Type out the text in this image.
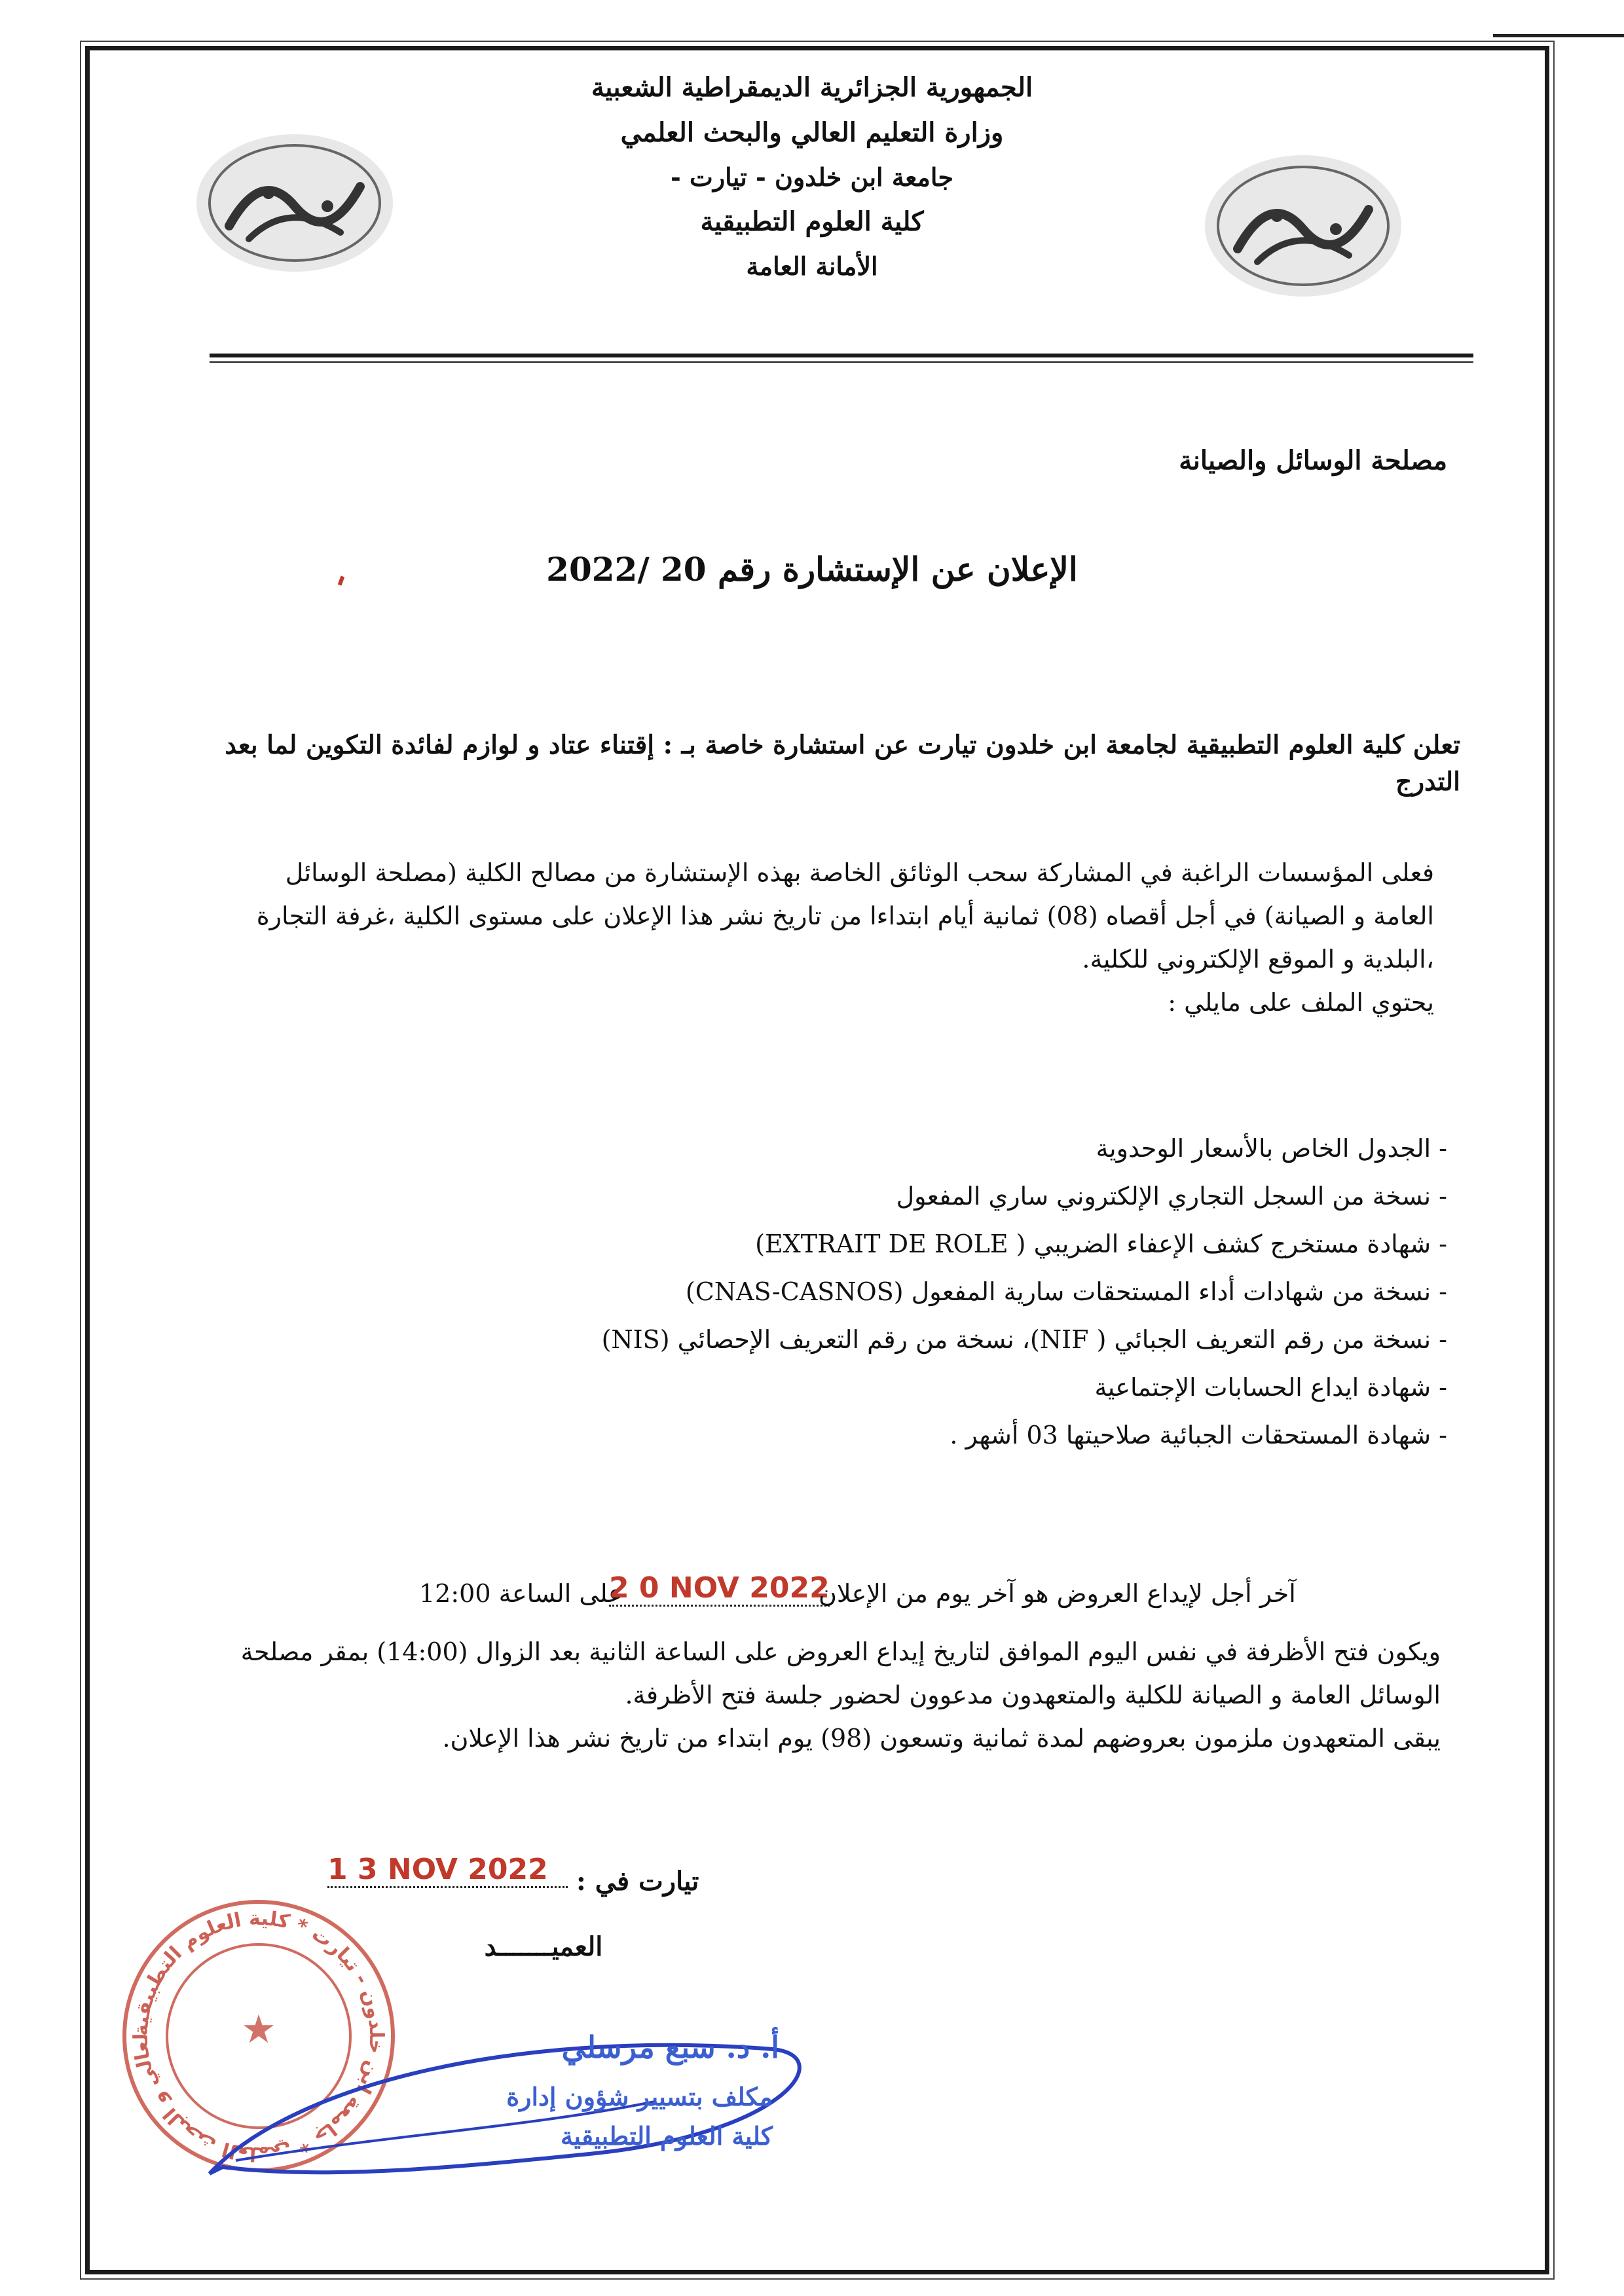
الجمهورية الجزائرية الديمقراطية الشعبية
وزارة التعليم العالي والبحث العلمي
جامعة ابن خلدون - تيارت -
كلية العلوم التطبيقية
الأمانة العامة
مصلحة الوسائل والصيانة
الإعلان عن الإستشارة رقم 20 /2022
تعلن كلية العلوم التطبيقية لجامعة ابن خلدون تيارت عن استشارة خاصة بـ : إقتناء عتاد و لوازم لفائدة التكوين لما بعد التدرج
فعلى المؤسسات الراغبة في المشاركة سحب الوثائق الخاصة بهذه الإستشارة من مصالح الكلية (مصلحة الوسائل
العامة و الصيانة) في أجل أقصاه (08) ثمانية أيام ابتداءا من تاريخ نشر هذا الإعلان على مستوى الكلية ،غرفة التجارة
،البلدية و الموقع الإلكتروني للكلية.
يحتوي الملف على مايلي :
- الجدول الخاص بالأسعار الوحدوية
- نسخة من السجل التجاري الإلكتروني ساري المفعول
- شهادة مستخرج كشف الإعفاء الضريبي ( EXTRAIT DE ROLE)
- نسخة من شهادات أداء المستحقات سارية المفعول (CNAS-CASNOS)
- نسخة من رقم التعريف الجبائي ( NIF)، نسخة من رقم التعريف الإحصائي (NIS)
- شهادة ايداع الحسابات الإجتماعية
- شهادة المستحقات الجبائية صلاحيتها 03 أشهر .
على الساعة 12:00
2 0 NOV 2022
آخر أجل لإيداع العروض هو آخر يوم من الإعلان
ويكون فتح الأظرفة في نفس اليوم الموافق لتاريخ إيداع العروض على الساعة الثانية بعد الزوال (14:00) بمقر مصلحة
الوسائل العامة و الصيانة للكلية والمتعهدون مدعوون لحضور جلسة فتح الأظرفة.
يبقى المتعهدون ملزمون بعروضهم لمدة ثمانية وتسعون (98) يوم ابتداء من تاريخ نشر هذا الإعلان.
1 3 NOV 2022	تيارت في :
العميـــــــد
لعالي و البحث العلمي * جامعة ابن خلدون - تيارت * كلية العلوم التطبيقية
★	أ. د. سبع مرسلي
مكلف بتسيير شؤون إدارة
كلية العلوم التطبيقية
